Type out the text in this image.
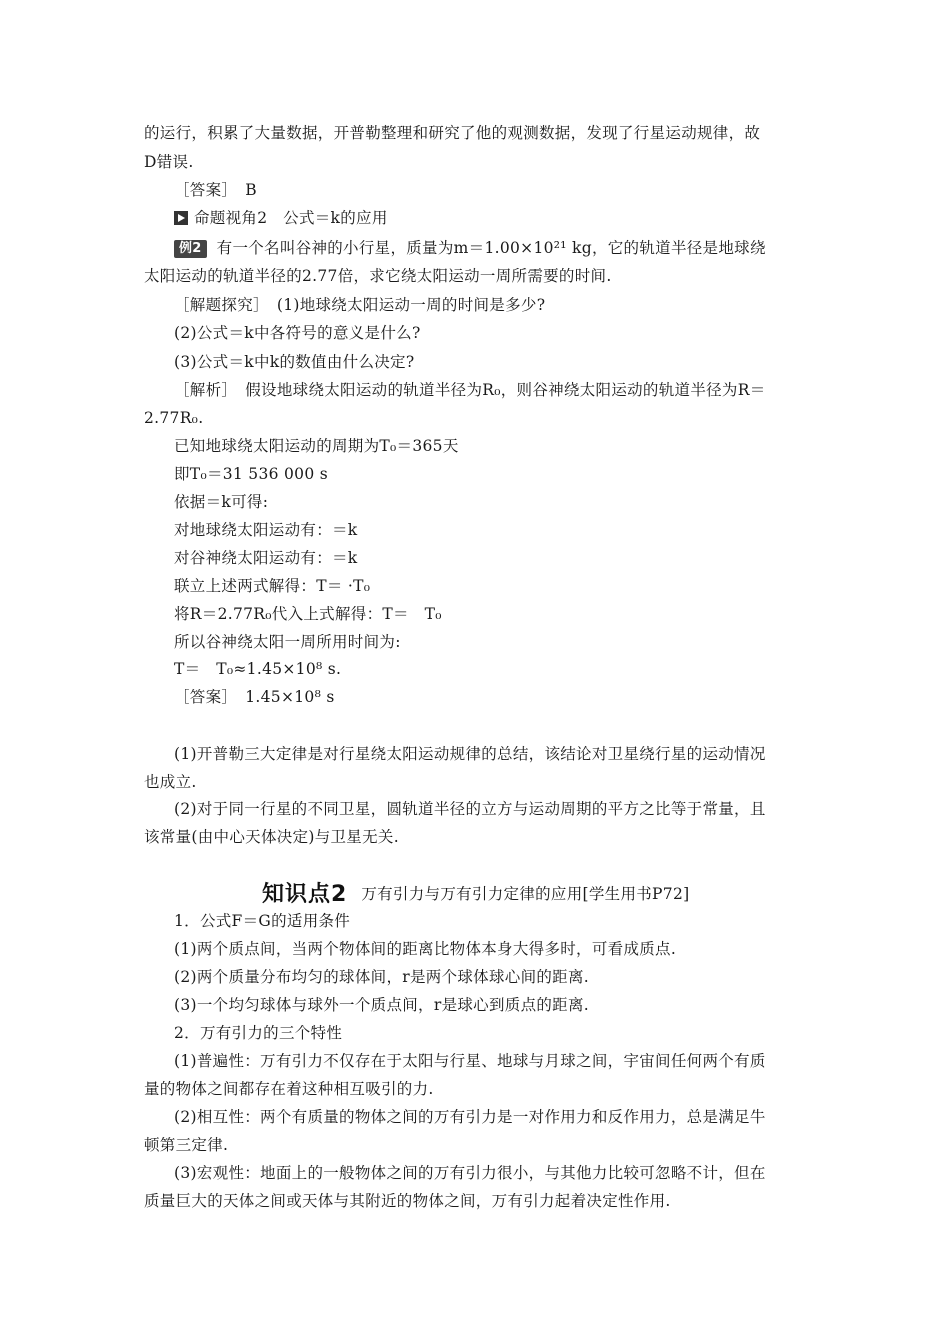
的运行，积累了大量数据，开普勒整理和研究了他的观测数据，发现了行星运动规律，故
D错误.
［答案］　B
命题视角2　公式＝k的应用
例2 有一个名叫谷神的小行星，质量为m＝1.00×10²¹ kg，它的轨道半径是地球绕
太阳运动的轨道半径的2.77倍，求它绕太阳运动一周所需要的时间.
［解题探究］　(1)地球绕太阳运动一周的时间是多少?
(2)公式＝k中各符号的意义是什么?
(3)公式＝k中k的数值由什么决定?
［解析］　假设地球绕太阳运动的轨道半径为R₀，则谷神绕太阳运动的轨道半径为R＝
2.77R₀.
已知地球绕太阳运动的周期为T₀＝365天
即T₀＝31 536 000 s
依据＝k可得:
对地球绕太阳运动有：＝k
对谷神绕太阳运动有：＝k
联立上述两式解得：T＝ ·T₀
将R＝2.77R₀代入上式解得：T＝　T₀
所以谷神绕太阳一周所用时间为:
T＝　T₀≈1.45×10⁸ s.
［答案］　1.45×10⁸ s
(1)开普勒三大定律是对行星绕太阳运动规律的总结，该结论对卫星绕行星的运动情况
也成立.
(2)对于同一行星的不同卫星，圆轨道半径的立方与运动周期的平方之比等于常量，且
该常量(由中心天体决定)与卫星无关.
知识点2 万有引力与万有引力定律的应用[学生用书P72]
1．公式F＝G的适用条件
(1)两个质点间，当两个物体间的距离比物体本身大得多时，可看成质点.
(2)两个质量分布均匀的球体间，r是两个球体球心间的距离.
(3)一个均匀球体与球外一个质点间，r是球心到质点的距离.
2．万有引力的三个特性
(1)普遍性：万有引力不仅存在于太阳与行星、地球与月球之间，宇宙间任何两个有质
量的物体之间都存在着这种相互吸引的力.
(2)相互性：两个有质量的物体之间的万有引力是一对作用力和反作用力，总是满足牛
顿第三定律.
(3)宏观性：地面上的一般物体之间的万有引力很小，与其他力比较可忽略不计，但在
质量巨大的天体之间或天体与其附近的物体之间，万有引力起着决定性作用.
